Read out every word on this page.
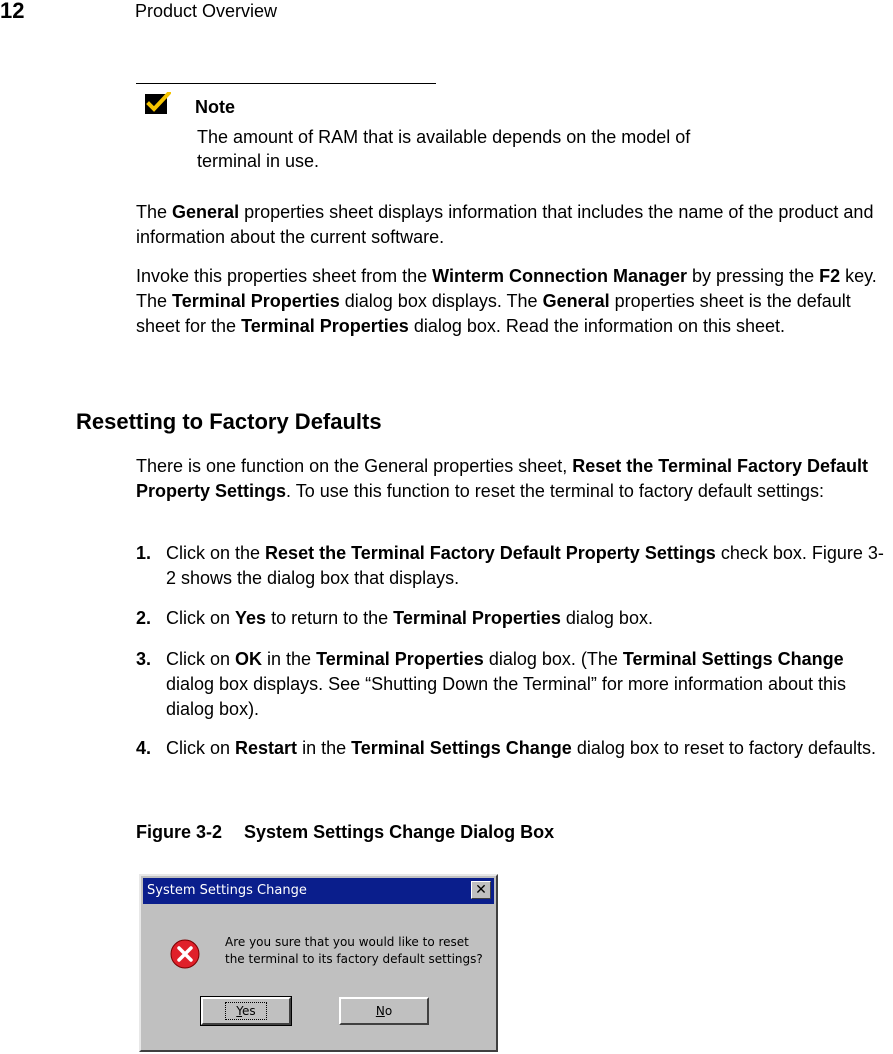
12	Product Overview
Note
The amount of RAM that is available depends on the model of terminal in use.
The General properties sheet displays information that includes the name of the product and information about the current software.
Invoke this properties sheet from the Winterm Connection Manager by pressing the F2 key. The Terminal Properties dialog box displays. The General properties sheet is the default sheet for the Terminal Properties dialog box. Read the information on this sheet.
Resetting to Factory Defaults
There is one function on the General properties sheet, Reset the Terminal Factory Default Property Settings. To use this function to reset the terminal to factory default settings:
1. Click on the Reset the Terminal Factory Default Property Settings check box. Figure 3-2 shows the dialog box that displays.
2. Click on Yes to return to the Terminal Properties dialog box.
3. Click on OK in the Terminal Properties dialog box. (The Terminal Settings Change dialog box displays. See “Shutting Down the Terminal” for more information about this dialog box).
4. Click on Restart in the Terminal Settings Change dialog box to reset to factory defaults.
Figure 3-2 System Settings Change Dialog Box
System Settings Change	✕
Are you sure that you would like to reset the terminal to its factory default settings?
Yes	No
